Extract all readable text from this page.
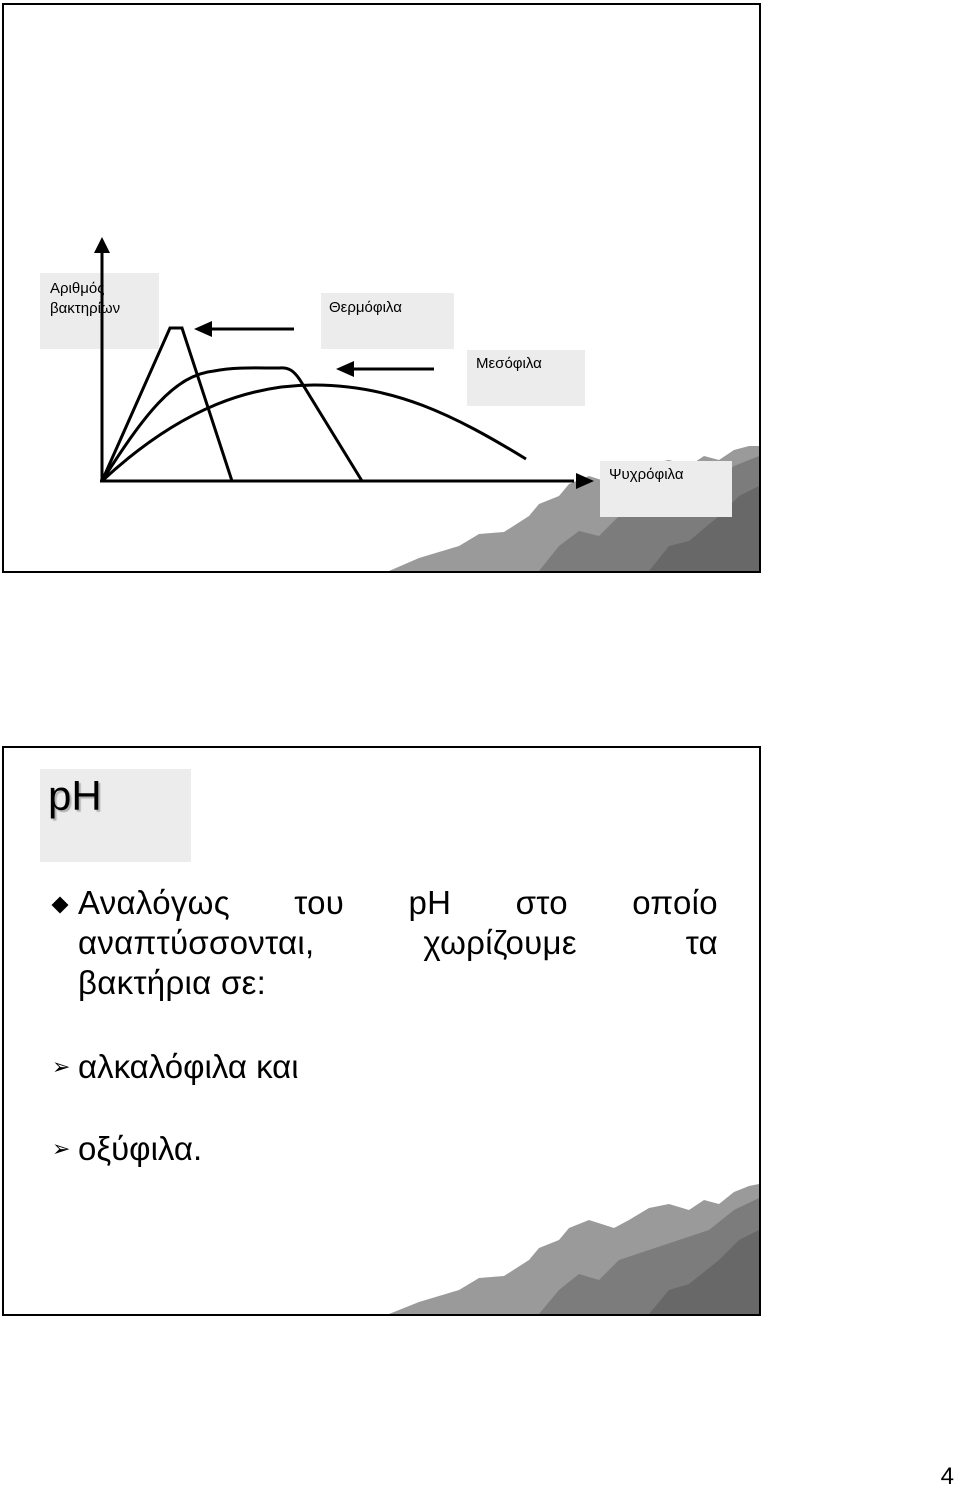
Αριθμός
βακτηρίων	Θερμόφιλα
Μεσόφιλα
Ψυχρόφιλα
pH
Αναλόγως του pH στο οποίο
αναπτύσσονται,	χωρίζουμε	τα
βακτήρια σε:
➢ αλκαλόφιλα και
➢ οξύφιλα.
4
